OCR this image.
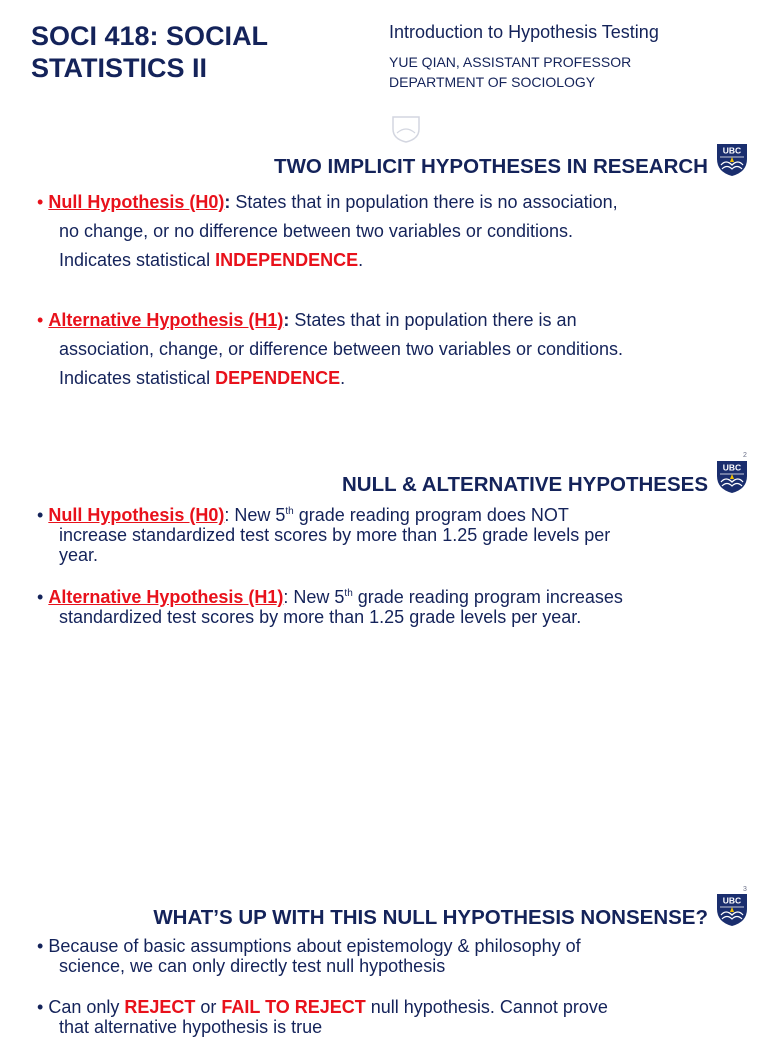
SOCI 418: SOCIAL
STATISTICS II
Introduction to Hypothesis Testing
YUE QIAN, ASSISTANT PROFESSOR
DEPARTMENT OF SOCIOLOGY
TWO IMPLICIT HYPOTHESES IN RESEARCH
UBC
• Null Hypothesis (H0): States that in population there is no association,
no change, or no difference between two variables or conditions.
Indicates statistical INDEPENDENCE.
• Alternative Hypothesis (H1): States that in population there is an
association, change, or difference between two variables or conditions.
Indicates statistical DEPENDENCE.
2
NULL & ALTERNATIVE HYPOTHESES
UBC
• Null Hypothesis (H0): New 5th grade reading program does NOT
increase standardized test scores by more than 1.25 grade levels per
year.
• Alternative Hypothesis (H1): New 5th grade reading program increases
standardized test scores by more than 1.25 grade levels per year.
3
WHAT’S UP WITH THIS NULL HYPOTHESIS NONSENSE?
UBC
• Because of basic assumptions about epistemology & philosophy of
science, we can only directly test null hypothesis
• Can only REJECT or FAIL TO REJECT null hypothesis. Cannot prove
that alternative hypothesis is true
